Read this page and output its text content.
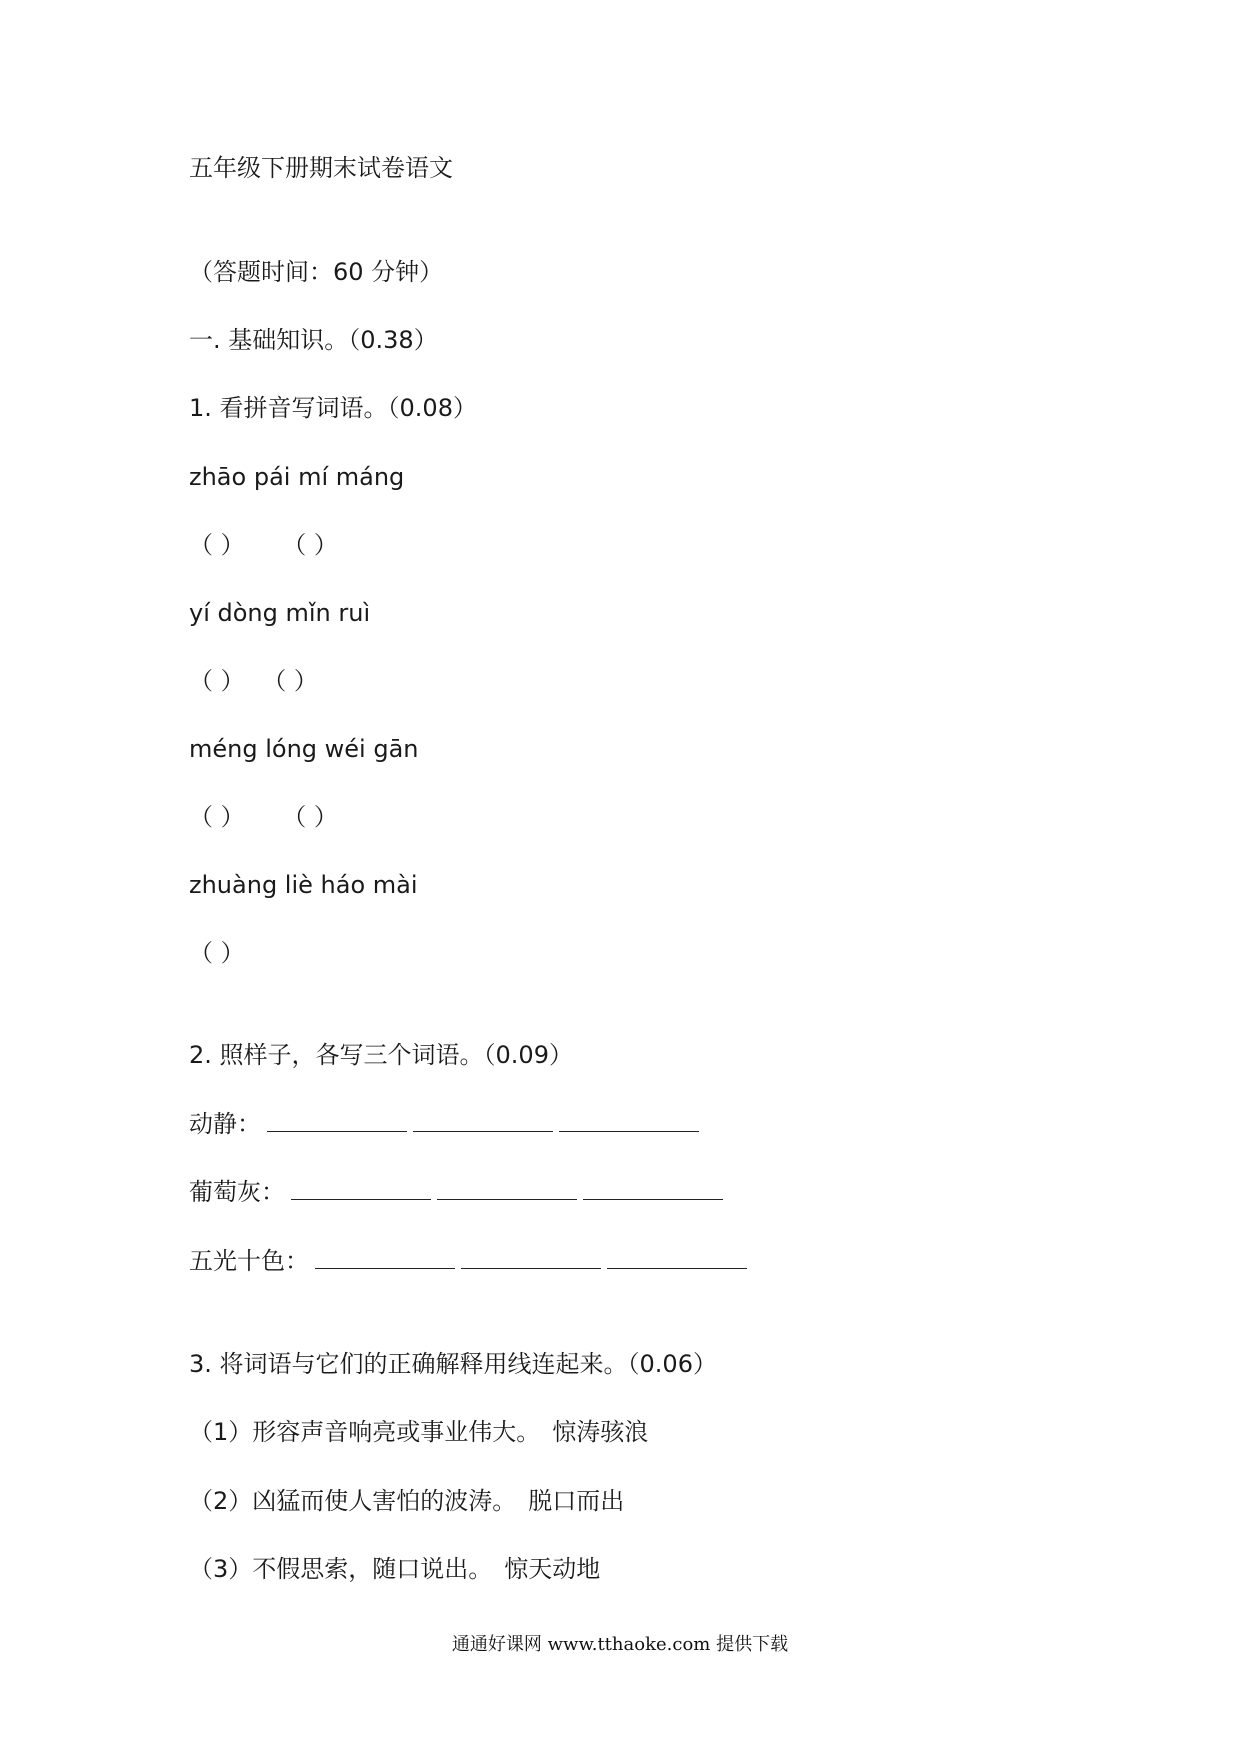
五年级下册期末试卷语文
（答题时间：60 分钟）
一. 基础知识。（0.38）
1. 看拼音写词语。（0.08）
zhāo pái mí máng
（ ） （ ）
yí dòng mǐn ruì
（ ） （ ）
méng lóng wéi gān
（ ） （ ）
zhuàng liè háo mài
（ ）
2. 照样子，各写三个词语。（0.09）
动静：
葡萄灰：
五光十色：
3. 将词语与它们的正确解释用线连起来。（0.06）
（1）形容声音响亮或事业伟大。 惊涛骇浪
（2）凶猛而使人害怕的波涛。 脱口而出
（3）不假思索，随口说出。 惊天动地
通通好课网 www.tthaoke.com 提供下载
